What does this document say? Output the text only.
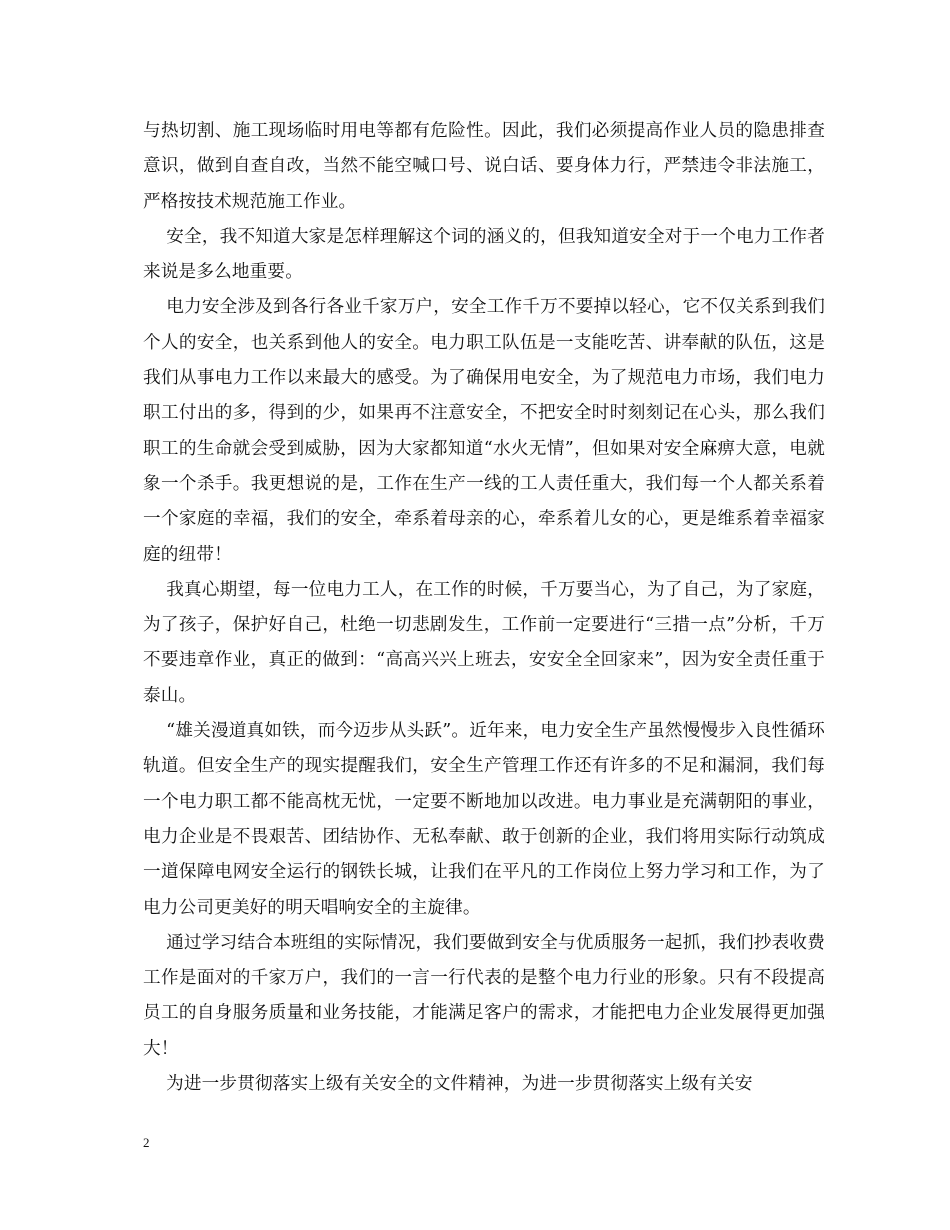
与热切割、施工现场临时用电等都有危险性。因此，我们必须提高作业人员的隐患排查意识，做到自查自改，当然不能空喊口号、说白话、要身体力行，严禁违令非法施工，严格按技术规范施工作业。

安全，我不知道大家是怎样理解这个词的涵义的，但我知道安全对于一个电力工作者来说是多么地重要。

电力安全涉及到各行各业千家万户，安全工作千万不要掉以轻心，它不仅关系到我们个人的安全，也关系到他人的安全。电力职工队伍是一支能吃苦、讲奉献的队伍，这是我们从事电力工作以来最大的感受。为了确保用电安全，为了规范电力市场，我们电力职工付出的多，得到的少，如果再不注意安全，不把安全时时刻刻记在心头，那么我们职工的生命就会受到威胁，因为大家都知道“水火无情”，但如果对安全麻痹大意，电就象一个杀手。我更想说的是，工作在生产一线的工人责任重大，我们每一个人都关系着一个家庭的幸福，我们的安全，牵系着母亲的心，牵系着儿女的心，更是维系着幸福家庭的纽带！

我真心期望，每一位电力工人，在工作的时候，千万要当心，为了自己，为了家庭，为了孩子，保护好自己，杜绝一切悲剧发生，工作前一定要进行“三措一点”分析，千万不要违章作业，真正的做到：“高高兴兴上班去，安安全全回家来”，因为安全责任重于泰山。

“雄关漫道真如铁，而今迈步从头跃”。近年来，电力安全生产虽然慢慢步入良性循环轨道。但安全生产的现实提醒我们，安全生产管理工作还有许多的不足和漏洞，我们每一个电力职工都不能高枕无忧，一定要不断地加以改进。电力事业是充满朝阳的事业，电力企业是不畏艰苦、团结协作、无私奉献、敢于创新的企业，我们将用实际行动筑成一道保障电网安全运行的钢铁长城，让我们在平凡的工作岗位上努力学习和工作，为了电力公司更美好的明天唱响安全的主旋律。

通过学习结合本班组的实际情况，我们要做到安全与优质服务一起抓，我们抄表收费工作是面对的千家万户，我们的一言一行代表的是整个电力行业的形象。只有不段提高员工的自身服务质量和业务技能，才能满足客户的需求，才能把电力企业发展得更加强大！

为进一步贯彻落实上级有关安全的文件精神，为进一步贯彻落实上级有关安

2
